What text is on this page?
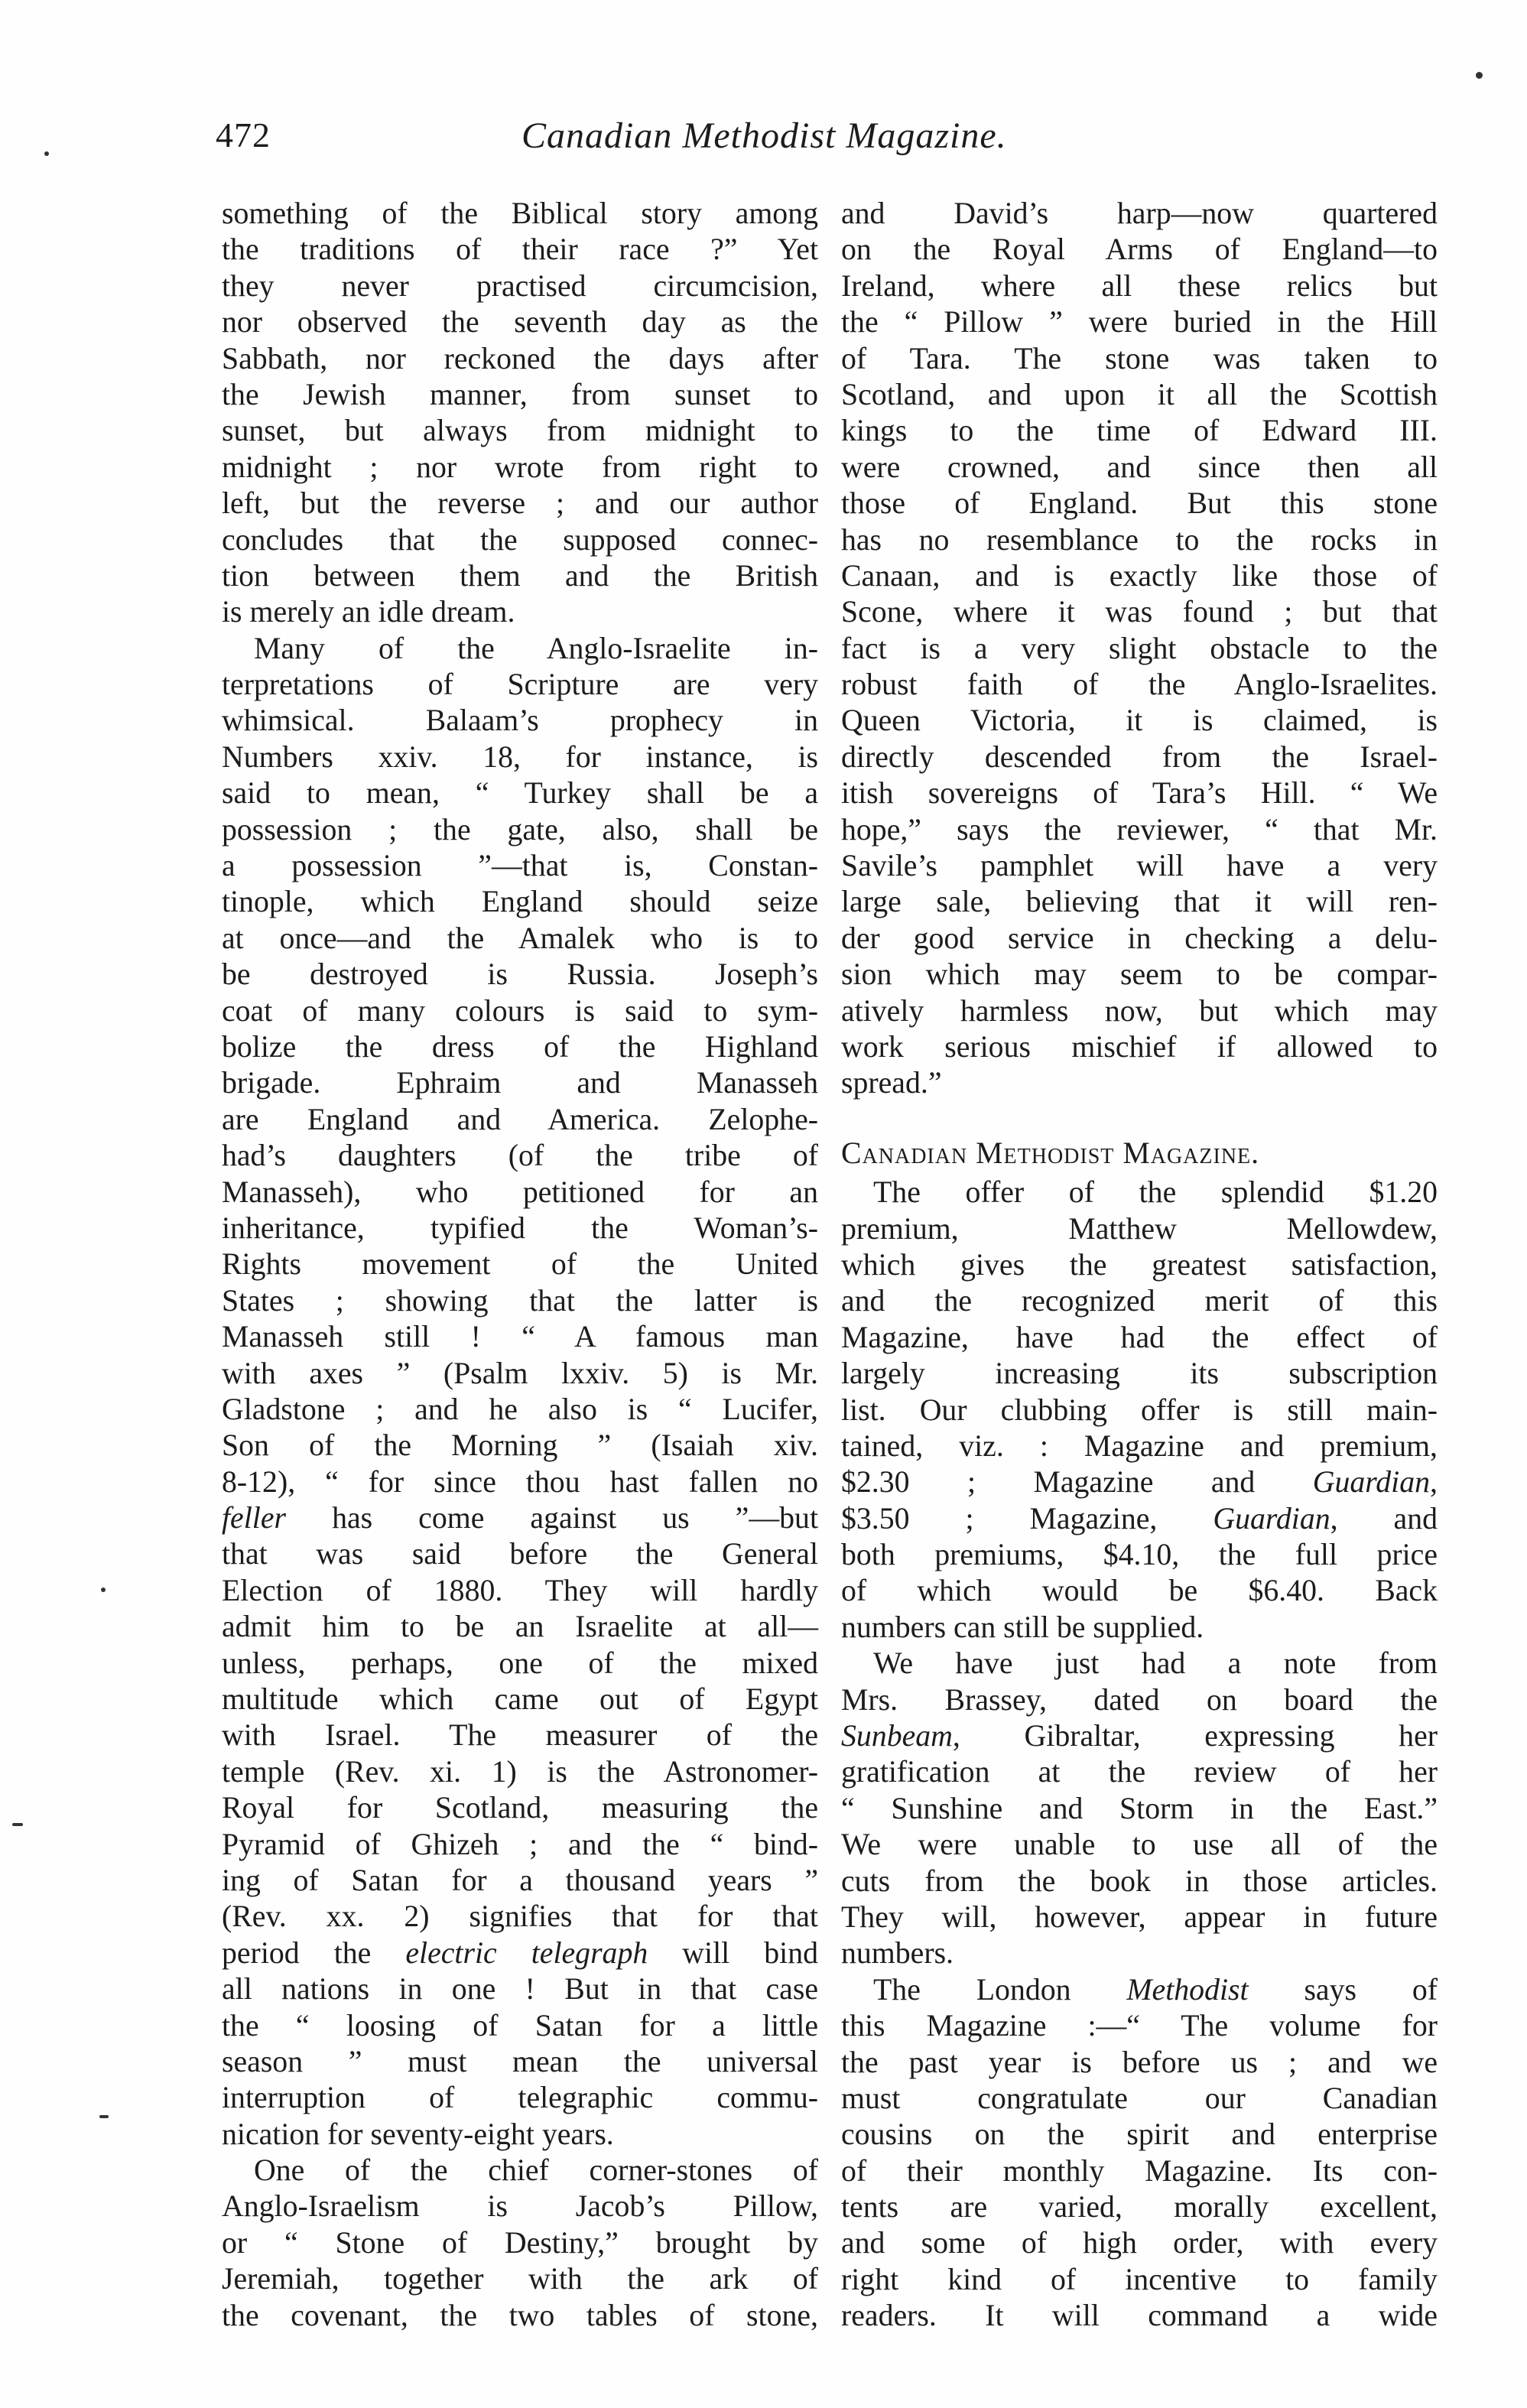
472	Canadian Methodist Magazine.
something of the Biblical story among
the traditions of their race ?” Yet
they never practised circumcision,
nor observed the seventh day as the
Sabbath, nor reckoned the days after
the Jewish manner, from sunset to
sunset, but always from midnight to
midnight ; nor wrote from right to
left, but the reverse ; and our author
concludes that the supposed connec-
tion between them and the British
is merely an idle dream.
Many of the Anglo-Israelite in-
terpretations of Scripture are very
whimsical. Balaam’s prophecy in
Numbers xxiv. 18, for instance, is
said to mean, “ Turkey shall be a
possession ; the gate, also, shall be
a possession ”—that is, Constan-
tinople, which England should seize
at once—and the Amalek who is to
be destroyed is Russia. Joseph’s
coat of many colours is said to sym-
bolize the dress of the Highland
brigade. Ephraim and Manasseh
are England and America. Zelophe-
had’s daughters (of the tribe of
Manasseh), who petitioned for an
inheritance, typified the Woman’s-
Rights movement of the United
States ; showing that the latter is
Manasseh still ! “ A famous man
with axes ” (Psalm lxxiv. 5) is Mr.
Gladstone ; and he also is “ Lucifer,
Son of the Morning ” (Isaiah xiv.
8-12), “ for since thou hast fallen no
feller has come against us ”—but
that was said before the General
Election of 1880. They will hardly
admit him to be an Israelite at all—
unless, perhaps, one of the mixed
multitude which came out of Egypt
with Israel. The measurer of the
temple (Rev. xi. 1) is the Astronomer-
Royal for Scotland, measuring the
Pyramid of Ghizeh ; and the “ bind-
ing of Satan for a thousand years ”
(Rev. xx. 2) signifies that for that
period the electric telegraph will bind
all nations in one ! But in that case
the “ loosing of Satan for a little
season ” must mean the universal
interruption of telegraphic commu-
nication for seventy-eight years.
One of the chief corner-stones of
Anglo-Israelism is Jacob’s Pillow,
or “ Stone of Destiny,” brought by
Jeremiah, together with the ark of
the covenant, the two tables of stone,
and David’s harp—now quartered
on the Royal Arms of England—to
Ireland, where all these relics but
the “ Pillow ” were buried in the Hill
of Tara. The stone was taken to
Scotland, and upon it all the Scottish
kings to the time of Edward III.
were crowned, and since then all
those of England. But this stone
has no resemblance to the rocks in
Canaan, and is exactly like those of
Scone, where it was found ; but that
fact is a very slight obstacle to the
robust faith of the Anglo-Israelites.
Queen Victoria, it is claimed, is
directly descended from the Israel-
itish sovereigns of Tara’s Hill. “ We
hope,” says the reviewer, “ that Mr.
Savile’s pamphlet will have a very
large sale, believing that it will ren-
der good service in checking a delu-
sion which may seem to be compar-
atively harmless now, but which may
work serious mischief if allowed to
spread.”
Canadian Methodist Magazine.
The offer of the splendid $1.20
premium, Matthew Mellowdew,
which gives the greatest satisfaction,
and the recognized merit of this
Magazine, have had the effect of
largely increasing its subscription
list. Our clubbing offer is still main-
tained, viz. : Magazine and premium,
$2.30 ; Magazine and Guardian,
$3.50 ; Magazine, Guardian, and
both premiums, $4.10, the full price
of which would be $6.40. Back
numbers can still be supplied.
We have just had a note from
Mrs. Brassey, dated on board the
Sunbeam, Gibraltar, expressing her
gratification at the review of her
“ Sunshine and Storm in the East.”
We were unable to use all of the
cuts from the book in those articles.
They will, however, appear in future
numbers.
The London Methodist says of
this Magazine :—“ The volume for
the past year is before us ; and we
must congratulate our Canadian
cousins on the spirit and enterprise
of their monthly Magazine. Its con-
tents are varied, morally excellent,
and some of high order, with every
right kind of incentive to family
readers. It will command a wide
